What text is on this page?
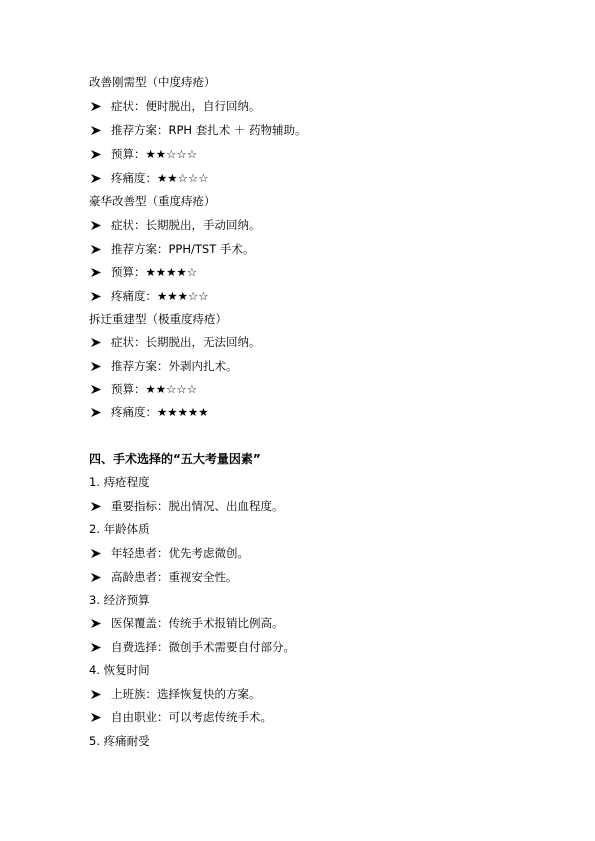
改善刚需型（中度痔疮）
症状：便时脱出，自行回纳。
推荐方案：RPH 套扎术 ＋ 药物辅助。
预算：★★☆☆☆
疼痛度：★★☆☆☆
豪华改善型（重度痔疮）
症状：长期脱出，手动回纳。
推荐方案：PPH/TST 手术。
预算：★★★★☆
疼痛度：★★★☆☆
拆迁重建型（极重度痔疮）
症状：长期脱出，无法回纳。
推荐方案：外剥内扎术。
预算：★★☆☆☆
疼痛度：★★★★★
四、手术选择的“五大考量因素”
1. 痔疮程度
重要指标：脱出情况、出血程度。
2. 年龄体质
年轻患者：优先考虑微创。
高龄患者：重视安全性。
3. 经济预算
医保覆盖：传统手术报销比例高。
自费选择：微创手术需要自付部分。
4. 恢复时间
上班族：选择恢复快的方案。
自由职业：可以考虑传统手术。
5. 疼痛耐受
